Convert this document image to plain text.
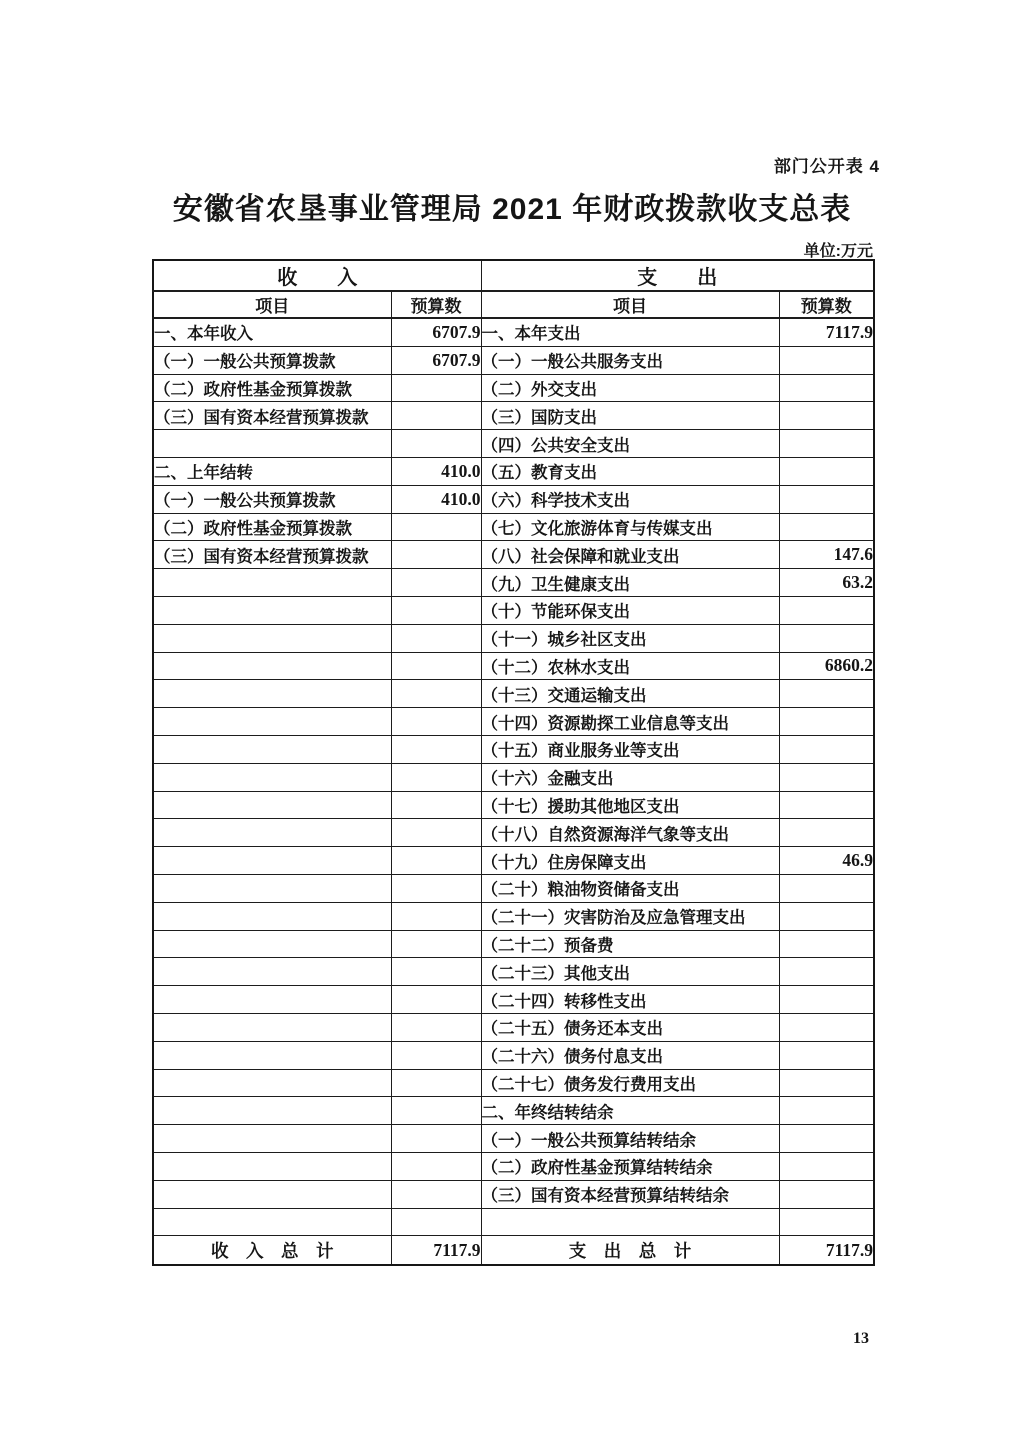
部门公开表 4
安徽省农垦事业管理局 2021 年财政拨款收支总表
单位:万元
收　　入		支　　出	
项目	预算数	项目	预算数
一、本年收入	6707.9	一、本年支出	7117.9
（一）一般公共预算拨款	6707.9	（一）一般公共服务支出	
（二）政府性基金预算拨款		（二）外交支出	
（三）国有资本经营预算拨款		（三）国防支出	
		（四）公共安全支出	
二、上年结转	410.0	（五）教育支出	
（一）一般公共预算拨款	410.0	（六）科学技术支出	
（二）政府性基金预算拨款		（七）文化旅游体育与传媒支出	
（三）国有资本经营预算拨款		（八）社会保障和就业支出	147.6
		（九）卫生健康支出	63.2
		（十）节能环保支出	
		（十一）城乡社区支出	
		（十二）农林水支出	6860.2
		（十三）交通运输支出	
		（十四）资源勘探工业信息等支出	
		（十五）商业服务业等支出	
		（十六）金融支出	
		（十七）援助其他地区支出	
		（十八）自然资源海洋气象等支出	
		（十九）住房保障支出	46.9
		（二十）粮油物资储备支出	
		（二十一）灾害防治及应急管理支出	
		（二十二）预备费	
		（二十三）其他支出	
		（二十四）转移性支出	
		（二十五）债务还本支出	
		（二十六）债务付息支出	
		（二十七）债务发行费用支出	
		二、年终结转结余	
		（一）一般公共预算结转结余	
		（二）政府性基金预算结转结余	
		（三）国有资本经营预算结转结余	

收　入　总　计	7117.9	支　出　总　计	7117.9
13
